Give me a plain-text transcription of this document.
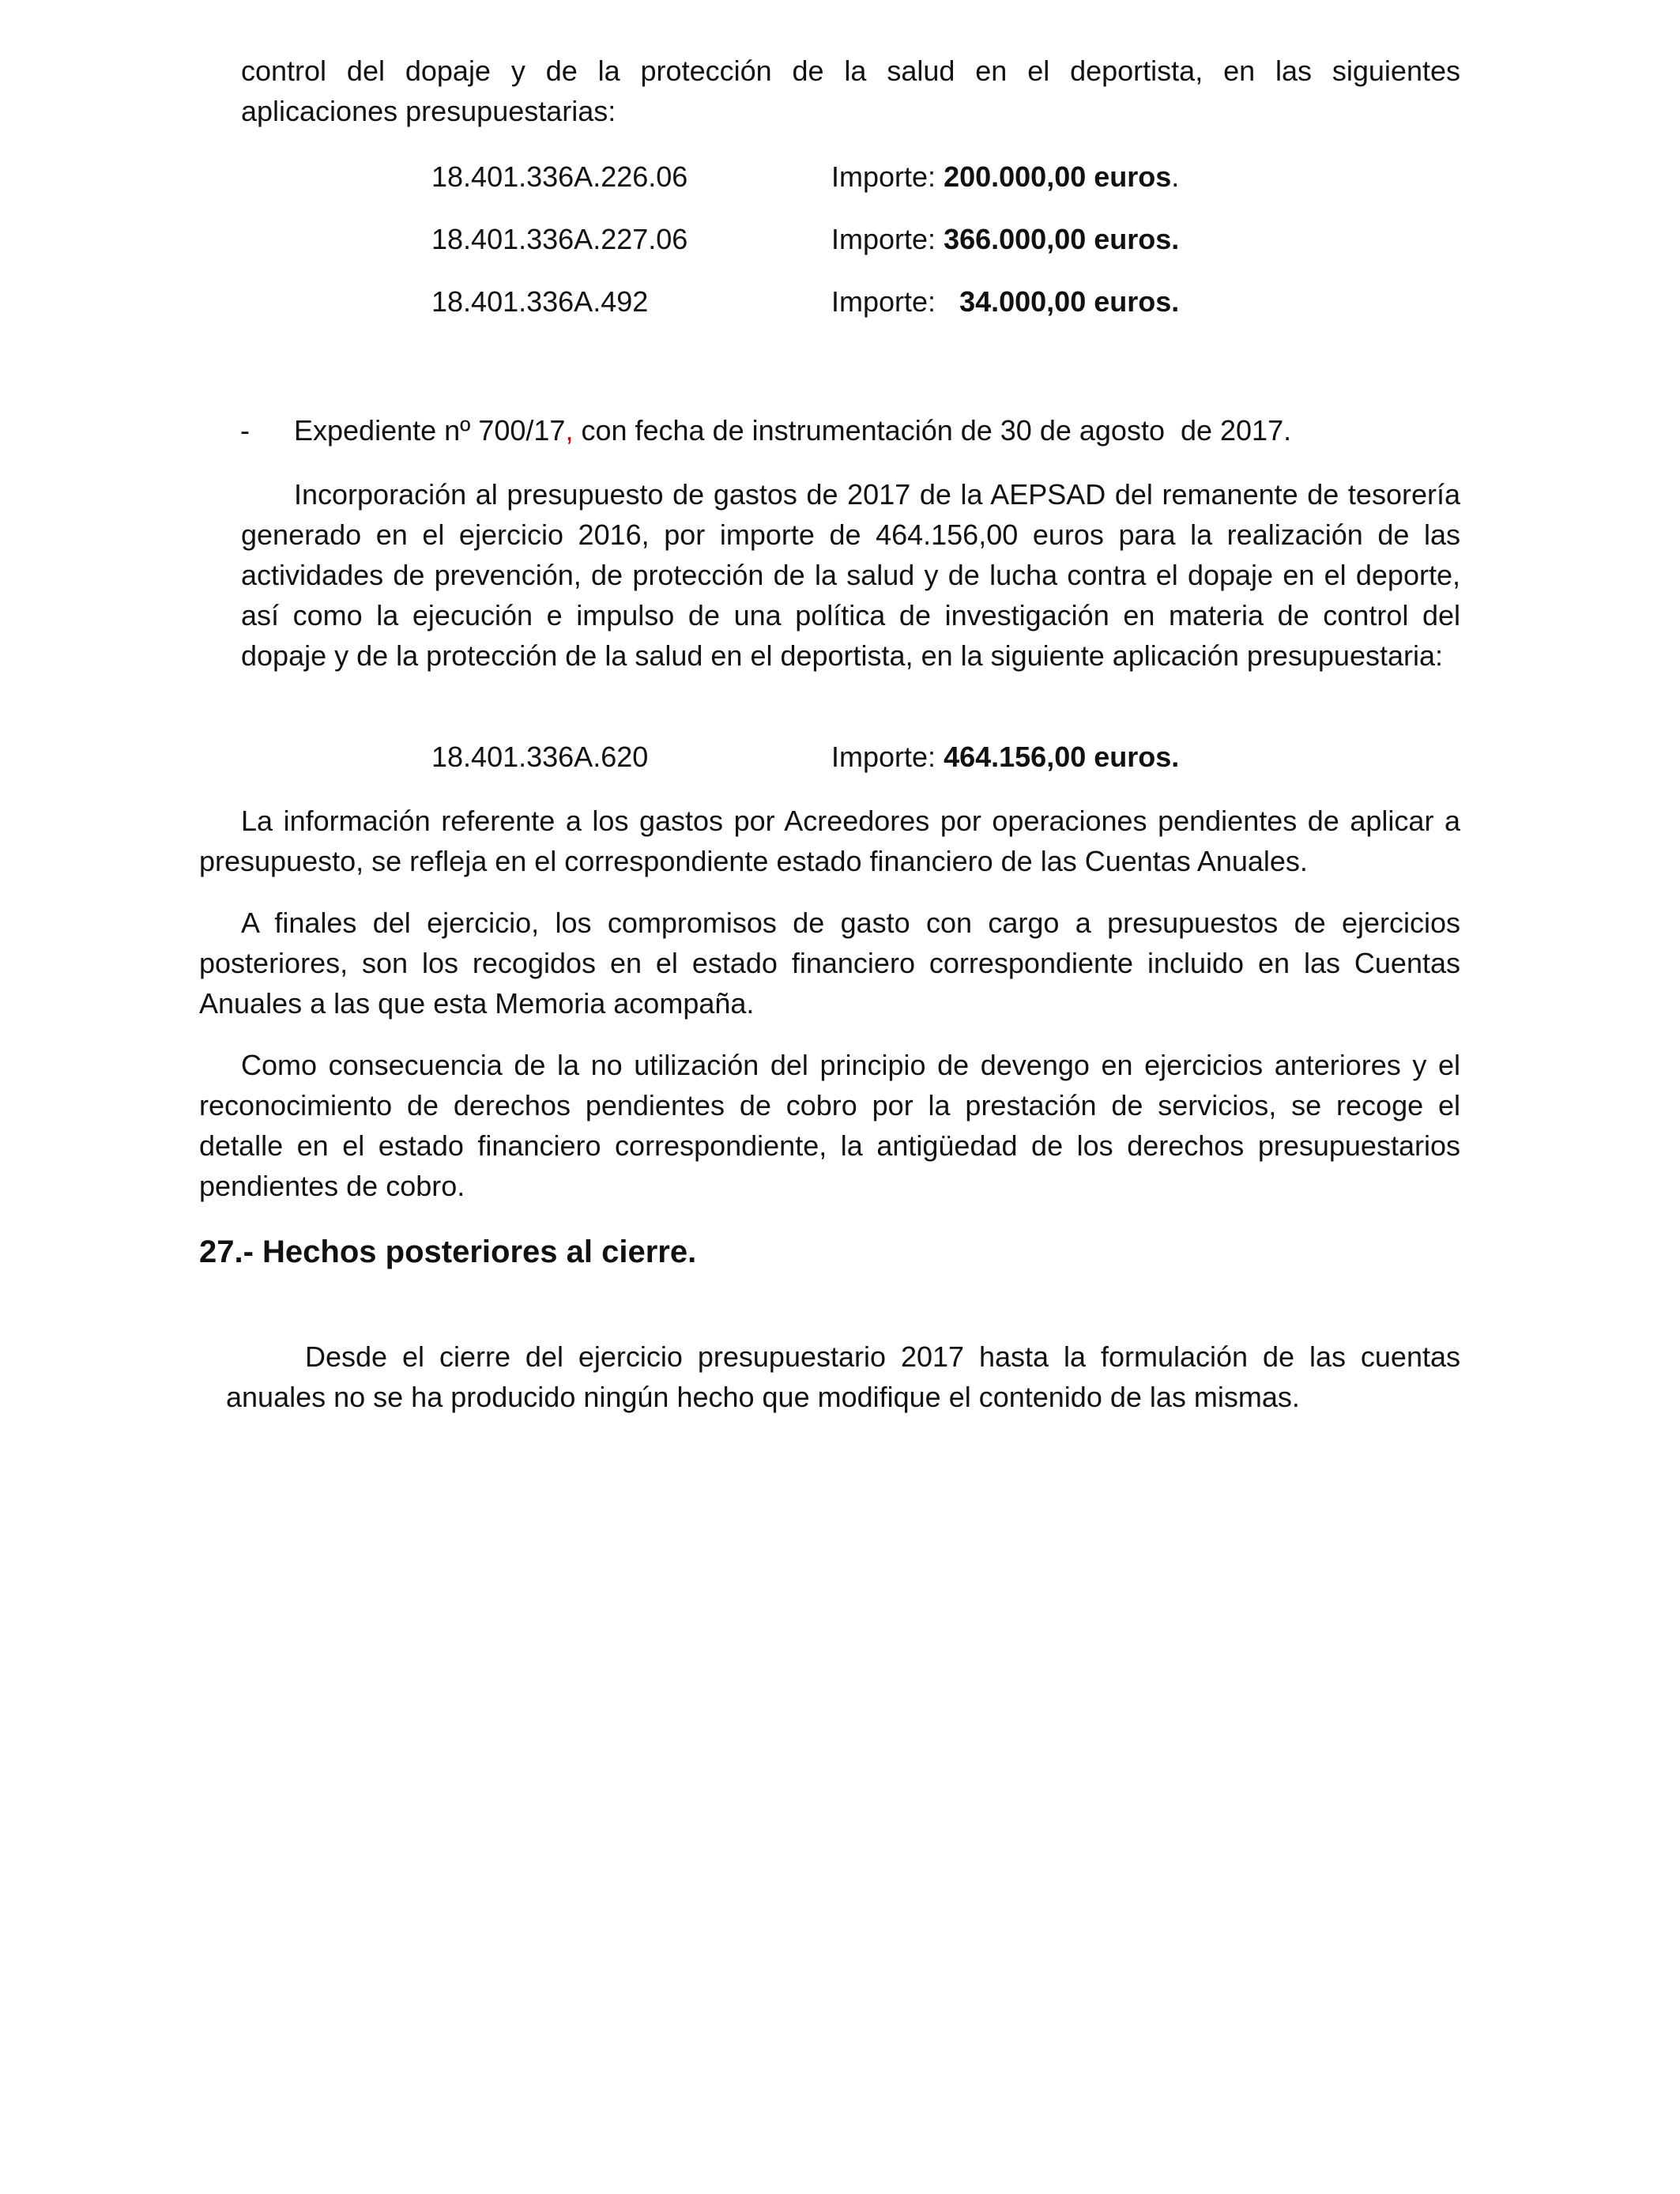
control del dopaje y de la protección de la salud en el deportista, en las siguientes

aplicaciones presupuestarias:

18.401.336A.226.06	Importe: 200.000,00 euros.
18.401.336A.227.06	Importe: 366.000,00 euros.
18.401.336A.492	Importe:   34.000,00 euros.
- Expediente nº 700/17, con fecha de instrumentación de 30 de agosto  de 2017.

Incorporación al presupuesto de gastos de 2017 de la AEPSAD del remanente de tesorería generado en el ejercicio 2016, por importe de 464.156,00 euros para la realización de las actividades de prevención, de protección de la salud y de lucha contra el dopaje en el deporte, así como la ejecución e impulso de una política de investigación en materia de control del dopaje y de la protección de la salud en el deportista, en la siguiente aplicación presupuestaria:

18.401.336A.620	Importe: 464.156,00 euros.

La información referente a los gastos por Acreedores por operaciones pendientes de aplicar a presupuesto, se refleja en el correspondiente estado financiero de las Cuentas Anuales.

A finales del ejercicio, los compromisos de gasto con cargo a presupuestos de ejercicios posteriores, son los recogidos en el estado financiero correspondiente incluido en las Cuentas Anuales a las que esta Memoria acompaña.

Como consecuencia de la no utilización del principio de devengo en ejercicios anteriores y el reconocimiento de derechos pendientes de cobro por la prestación de servicios, se recoge el detalle en el estado financiero correspondiente, la antigüedad de los derechos presupuestarios pendientes de cobro.

27.- Hechos posteriores al cierre.

Desde el cierre del ejercicio presupuestario 2017 hasta la formulación de las cuentas anuales no se ha producido ningún hecho que modifique el contenido de las mismas.
